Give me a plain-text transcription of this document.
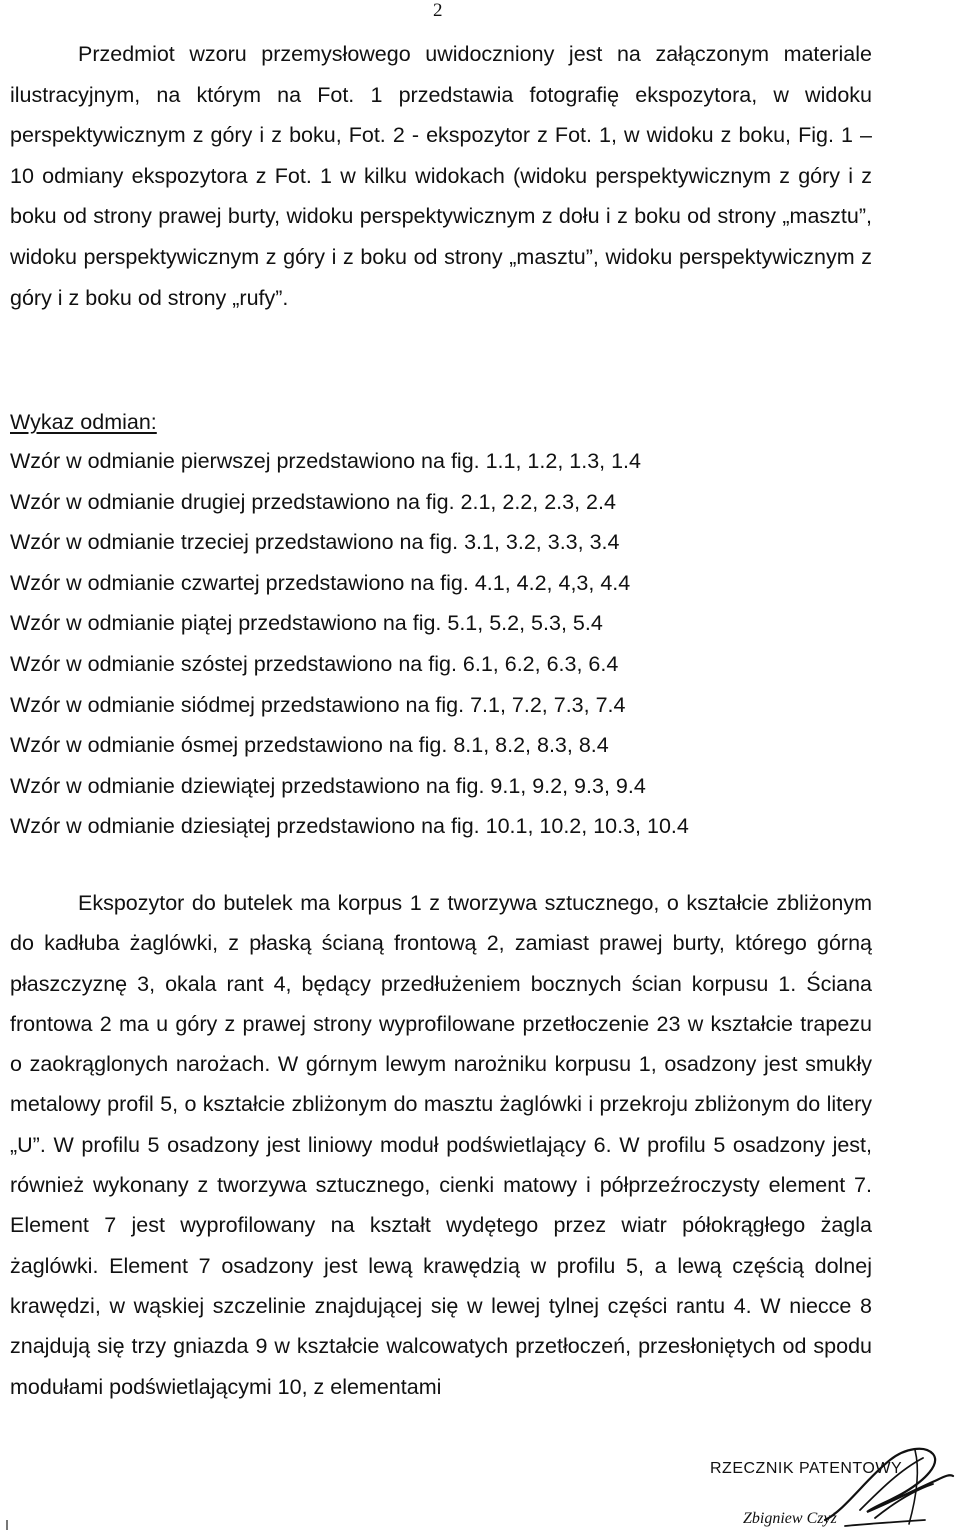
2

Przedmiot wzoru przemysłowego uwidoczniony jest na załączonym materiale ilustracyjnym, na którym na Fot. 1 przedstawia fotografię ekspozytora, w widoku perspektywicznym z góry i z boku, Fot. 2 - ekspozytor z Fot. 1, w widoku z boku, Fig. 1 – 10 odmiany ekspozytora z Fot. 1 w kilku widokach (widoku perspektywicznym z góry i z boku od strony prawej burty, widoku perspektywicznym z dołu i z boku od strony „masztu”, widoku perspektywicznym z góry i z boku od strony „masztu”, widoku perspektywicznym z góry i z boku od strony „rufy”.

Wykaz odmian:
Wzór w odmianie pierwszej przedstawiono na fig. 1.1, 1.2, 1.3, 1.4
Wzór w odmianie drugiej przedstawiono na fig. 2.1, 2.2, 2.3, 2.4
Wzór w odmianie trzeciej przedstawiono na fig. 3.1, 3.2, 3.3, 3.4
Wzór w odmianie czwartej przedstawiono na fig. 4.1, 4.2, 4,3, 4.4
Wzór w odmianie piątej przedstawiono na fig. 5.1, 5.2, 5.3, 5.4
Wzór w odmianie szóstej przedstawiono na fig. 6.1, 6.2, 6.3, 6.4
Wzór w odmianie siódmej przedstawiono na fig. 7.1, 7.2, 7.3, 7.4
Wzór w odmianie ósmej przedstawiono na fig. 8.1, 8.2, 8.3, 8.4
Wzór w odmianie dziewiątej przedstawiono na fig. 9.1, 9.2, 9.3, 9.4
Wzór w odmianie dziesiątej przedstawiono na fig. 10.1, 10.2, 10.3, 10.4

Ekspozytor do butelek ma korpus 1 z tworzywa sztucznego, o kształcie zbliżonym do kadłuba żaglówki, z płaską ścianą frontową 2, zamiast prawej burty, którego górną płaszczyznę 3, okala rant 4, będący przedłużeniem bocznych ścian korpusu 1. Ściana frontowa 2 ma u góry z prawej strony wyprofilowane przetłoczenie 23 w kształcie trapezu o zaokrąglonych narożach. W górnym lewym narożniku korpusu 1, osadzony jest smukły metalowy profil 5, o kształcie zbliżonym do masztu żaglówki i przekroju zbliżonym do litery „U”. W profilu 5 osadzony jest liniowy moduł podświetlający 6. W profilu 5 osadzony jest, również wykonany z tworzywa sztucznego, cienki matowy i półprzeźroczysty element 7. Element 7 jest wyprofilowany na kształt wydętego przez wiatr półokrągłego żagla żaglówki. Element 7 osadzony jest lewą krawędzią w profilu 5, a lewą częścią dolnej krawędzi, w wąskiej szczelinie znajdującej się w lewej tylnej części rantu 4. W niecce 8 znajdują się trzy gniazda 9 w kształcie walcowatych przetłoczeń, przesłoniętych od spodu modułami podświetlającymi 10, z elementami

RZECZNIK PATENTOWY
Zbigniew Czyż
